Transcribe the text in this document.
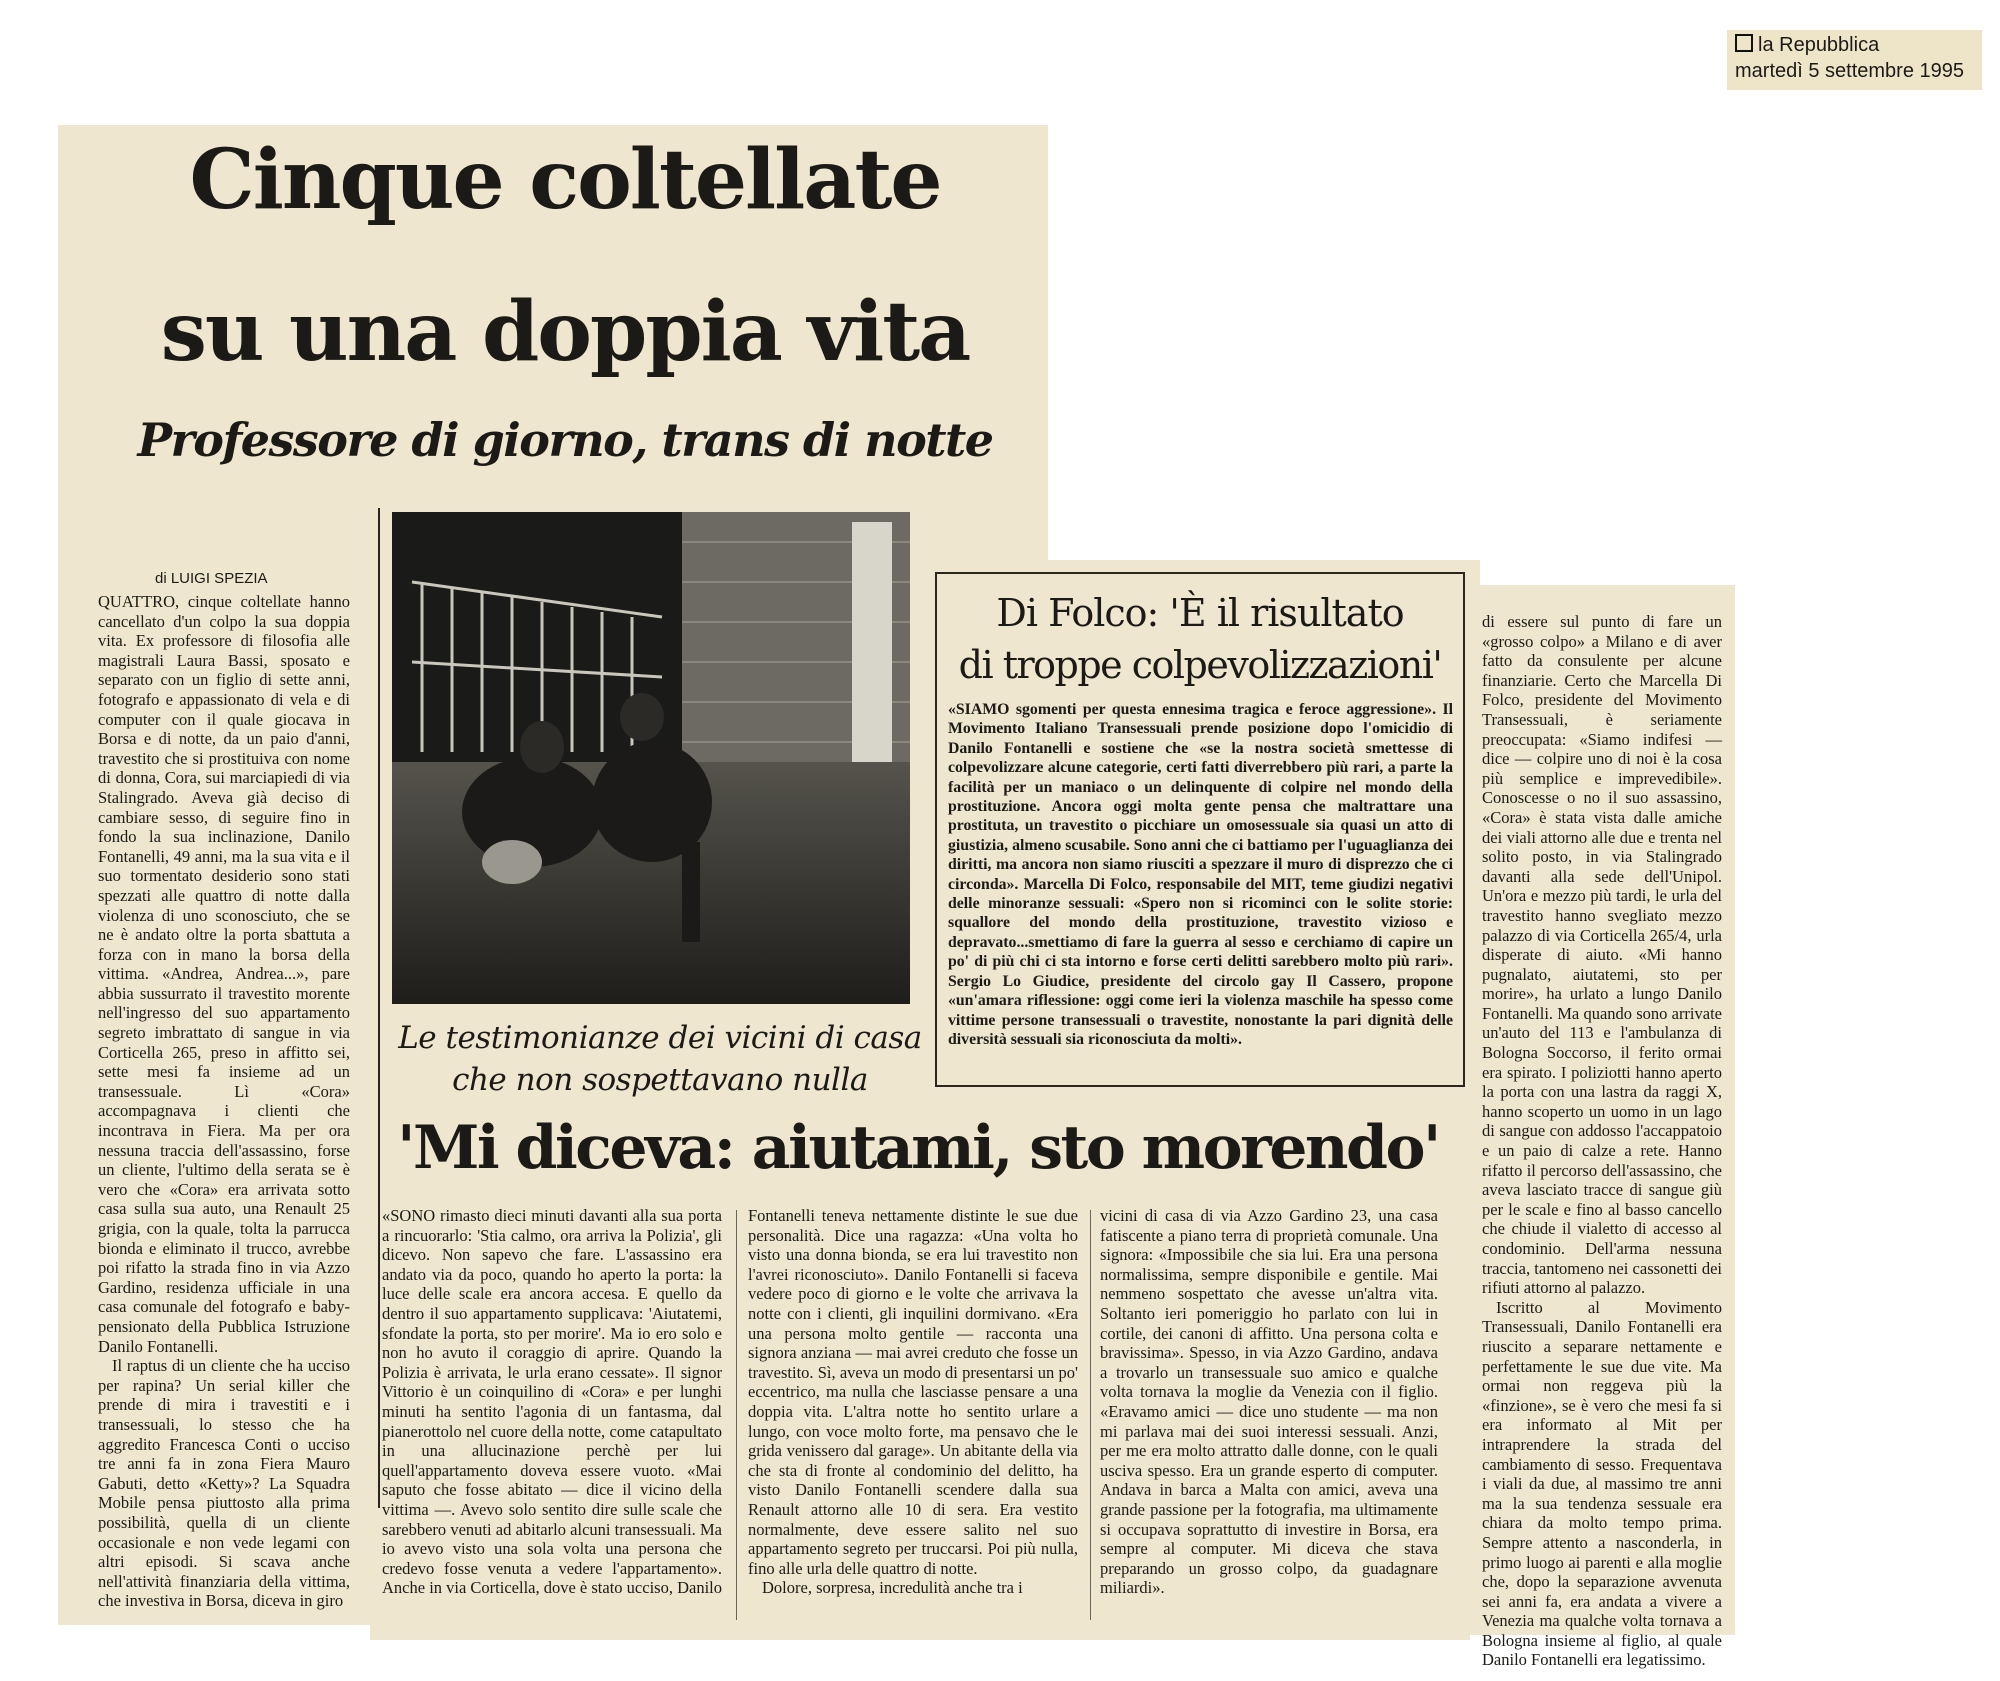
la Repubblica
martedì 5 settembre 1995
Cinque coltellate
su una doppia vita
Professore di giorno, trans di notte
di LUIGI SPEZIA

QUATTRO, cinque coltellate hanno cancellato d'un colpo la sua doppia vita. Ex professore di filosofia alle magistrali Laura Bassi, sposato e separato con un figlio di sette anni, fotografo e appassionato di vela e di computer con il quale giocava in Borsa e di notte, da un paio d'anni, travestito che si prostituiva con nome di donna, Cora, sui marciapiedi di via Stalingrado. Aveva già deciso di cambiare sesso, di seguire fino in fondo la sua inclinazione, Danilo Fontanelli, 49 anni, ma la sua vita e il suo tormentato desiderio sono stati spezzati alle quattro di notte dalla violenza di uno sconosciuto, che se ne è andato oltre la porta sbattuta a forza con in mano la borsa della vittima. «Andrea, Andrea...», pare abbia sussurrato il travestito morente nell'ingresso del suo appartamento segreto imbrattato di sangue in via Corticella 265, preso in affitto sei, sette mesi fa insieme ad un transessuale. Lì «Cora» accompagnava i clienti che incontrava in Fiera. Ma per ora nessuna traccia dell'assassino, forse un cliente, l'ultimo della serata se è vero che «Cora» era arrivata sotto casa sulla sua auto, una Renault 25 grigia, con la quale, tolta la parrucca bionda e eliminato il trucco, avrebbe poi rifatto la strada fino in via Azzo Gardino, residenza ufficiale in una casa comunale del fotografo e baby-pensionato della Pubblica Istruzione Danilo Fontanelli.

Il raptus di un cliente che ha ucciso per rapina? Un serial killer che prende di mira i travestiti e i transessuali, lo stesso che ha aggredito Francesca Conti o ucciso tre anni fa in zona Fiera Mauro Gabuti, detto «Ketty»? La Squadra Mobile pensa piuttosto alla prima possibilità, quella di un cliente occasionale e non vede legami con altri episodi. Si scava anche nell'attività finanziaria della vittima, che investiva in Borsa, diceva in giro

Di Folco: 'È il risultato
di troppe colpevolizzazioni'
«SIAMO sgomenti per questa ennesima tragica e feroce aggressione». Il Movimento Italiano Transessuali prende posizione dopo l'omicidio di Danilo Fontanelli e sostiene che «se la nostra società smettesse di colpevolizzare alcune categorie, certi fatti diverrebbero più rari, a parte la facilità per un maniaco o un delinquente di colpire nel mondo della prostituzione. Ancora oggi molta gente pensa che maltrattare una prostituta, un travestito o picchiare un omosessuale sia quasi un atto di giustizia, almeno scusabile. Sono anni che ci battiamo per l'uguaglianza dei diritti, ma ancora non siamo riusciti a spezzare il muro di disprezzo che ci circonda». Marcella Di Folco, responsabile del MIT, teme giudizi negativi delle minoranze sessuali: «Spero non si ricominci con le solite storie: squallore del mondo della prostituzione, travestito vizioso e depravato...smettiamo di fare la guerra al sesso e cerchiamo di capire un po' di più chi ci sta intorno e forse certi delitti sarebbero molto più rari». Sergio Lo Giudice, presidente del circolo gay Il Cassero, propone «un'amara riflessione: oggi come ieri la violenza maschile ha spesso come vittime persone transessuali o travestite, nonostante la pari dignità delle diversità sessuali sia riconosciuta da molti».

di essere sul punto di fare un «grosso colpo» a Milano e di aver fatto da consulente per alcune finanziarie. Certo che Marcella Di Folco, presidente del Movimento Transessuali, è seriamente preoccupata: «Siamo indifesi — dice — colpire uno di noi è la cosa più semplice e imprevedibile». Conoscesse o no il suo assassino, «Cora» è stata vista dalle amiche dei viali attorno alle due e trenta nel solito posto, in via Stalingrado davanti alla sede dell'Unipol. Un'ora e mezzo più tardi, le urla del travestito hanno svegliato mezzo palazzo di via Corticella 265/4, urla disperate di aiuto. «Mi hanno pugnalato, aiutatemi, sto per morire», ha urlato a lungo Danilo Fontanelli. Ma quando sono arrivate un'auto del 113 e l'ambulanza di Bologna Soccorso, il ferito ormai era spirato. I poliziotti hanno aperto la porta con una lastra da raggi X, hanno scoperto un uomo in un lago di sangue con addosso l'accappatoio e un paio di calze a rete. Hanno rifatto il percorso dell'assassino, che aveva lasciato tracce di sangue giù per le scale e fino al basso cancello che chiude il vialetto di accesso al condominio. Dell'arma nessuna traccia, tantomeno nei cassonetti dei rifiuti attorno al palazzo.

Iscritto al Movimento Transessuali, Danilo Fontanelli era riuscito a separare nettamente e perfettamente le sue due vite. Ma ormai non reggeva più la «finzione», se è vero che mesi fa si era informato al Mit per intraprendere la strada del cambiamento di sesso. Frequentava i viali da due, al massimo tre anni ma la sua tendenza sessuale era chiara da molto tempo prima. Sempre attento a nasconderla, in primo luogo ai parenti e alla moglie che, dopo la separazione avvenuta sei anni fa, era andata a vivere a Venezia ma qualche volta tornava a Bologna insieme al figlio, al quale Danilo Fontanelli era legatissimo.

Le testimonianze dei vicini di casa
che non sospettavano nulla
'Mi diceva: aiutami, sto morendo'
«SONO rimasto dieci minuti davanti alla sua porta a rincuorarlo: 'Stia calmo, ora arriva la Polizia', gli dicevo. Non sapevo che fare. L'assassino era andato via da poco, quando ho aperto la porta: la luce delle scale era ancora accesa. E quello da dentro il suo appartamento supplicava: 'Aiutatemi, sfondate la porta, sto per morire'. Ma io ero solo e non ho avuto il coraggio di aprire. Quando la Polizia è arrivata, le urla erano cessate». Il signor Vittorio è un coinquilino di «Cora» e per lunghi minuti ha sentito l'agonia di un fantasma, dal pianerottolo nel cuore della notte, come catapultato in una allucinazione perchè per lui quell'appartamento doveva essere vuoto. «Mai saputo che fosse abitato — dice il vicino della vittima —. Avevo solo sentito dire sulle scale che sarebbero venuti ad abitarlo alcuni transessuali. Ma io avevo visto una sola volta una persona che credevo fosse venuta a vedere l'appartamento». Anche in via Corticella, dove è stato ucciso, Danilo

Fontanelli teneva nettamente distinte le sue due personalità. Dice una ragazza: «Una volta ho visto una donna bionda, se era lui travestito non l'avrei riconosciuto». Danilo Fontanelli si faceva vedere poco di giorno e le volte che arrivava la notte con i clienti, gli inquilini dormivano. «Era una persona molto gentile — racconta una signora anziana — mai avrei creduto che fosse un travestito. Sì, aveva un modo di presentarsi un po' eccentrico, ma nulla che lasciasse pensare a una doppia vita. L'altra notte ho sentito urlare a lungo, con voce molto forte, ma pensavo che le grida venissero dal garage». Un abitante della via che sta di fronte al condominio del delitto, ha visto Danilo Fontanelli scendere dalla sua Renault attorno alle 10 di sera. Era vestito normalmente, deve essere salito nel suo appartamento segreto per truccarsi. Poi più nulla, fino alle urla delle quattro di notte.

Dolore, sorpresa, incredulità anche tra i

vicini di casa di via Azzo Gardino 23, una casa fatiscente a piano terra di proprietà comunale. Una signora: «Impossibile che sia lui. Era una persona normalissima, sempre disponibile e gentile. Mai nemmeno sospettato che avesse un'altra vita. Soltanto ieri pomeriggio ho parlato con lui in cortile, dei canoni di affitto. Una persona colta e bravissima». Spesso, in via Azzo Gardino, andava a trovarlo un transessuale suo amico e qualche volta tornava la moglie da Venezia con il figlio. «Eravamo amici — dice uno studente — ma non mi parlava mai dei suoi interessi sessuali. Anzi, per me era molto attratto dalle donne, con le quali usciva spesso. Era un grande esperto di computer. Andava in barca a Malta con amici, aveva una grande passione per la fotografia, ma ultimamente si occupava soprattutto di investire in Borsa, era sempre al computer. Mi diceva che stava preparando un grosso colpo, da guadagnare miliardi».
